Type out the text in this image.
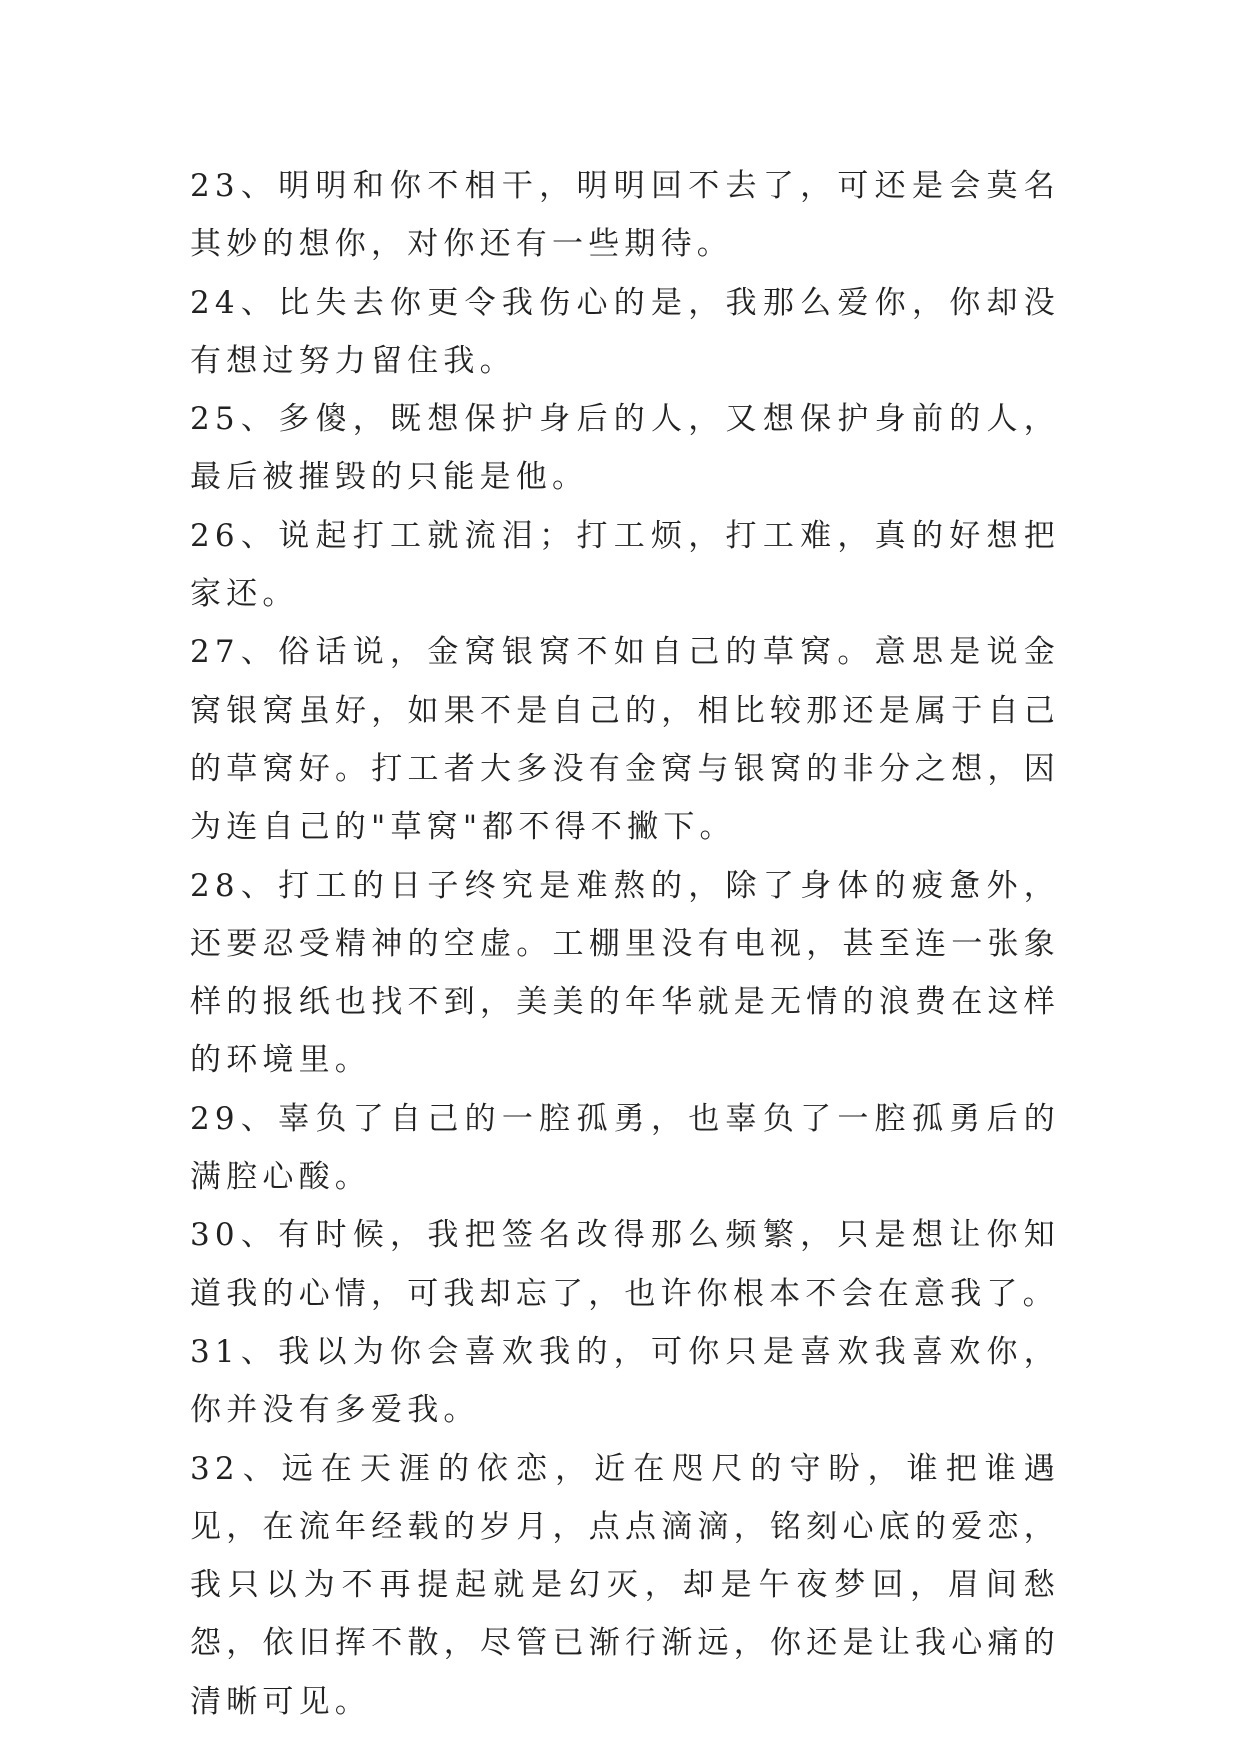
23、明明和你不相干，明明回不去了，可还是会莫名其妙的想你，对你还有一些期待。

24、比失去你更令我伤心的是，我那么爱你，你却没有想过努力留住我。

25、多傻，既想保护身后的人，又想保护身前的人，最后被摧毁的只能是他。

26、说起打工就流泪；打工烦，打工难，真的好想把家还。

27、俗话说，金窝银窝不如自己的草窝。意思是说金窝银窝虽好，如果不是自己的，相比较那还是属于自己的草窝好。打工者大多没有金窝与银窝的非分之想，因为连自己的"草窝"都不得不撇下。

28、打工的日子终究是难熬的，除了身体的疲惫外，还要忍受精神的空虚。工棚里没有电视，甚至连一张象样的报纸也找不到，美美的年华就是无情的浪费在这样的环境里。

29、辜负了自己的一腔孤勇，也辜负了一腔孤勇后的满腔心酸。

30、有时候，我把签名改得那么频繁，只是想让你知道我的心情，可我却忘了，也许你根本不会在意我了。

31、我以为你会喜欢我的，可你只是喜欢我喜欢你，你并没有多爱我。

32、远在天涯的依恋，近在咫尺的守盼，谁把谁遇见，在流年经载的岁月，点点滴滴，铭刻心底的爱恋，我只以为不再提起就是幻灭，却是午夜梦回，眉间愁怨，依旧挥不散，尽管已渐行渐远，你还是让我心痛的清晰可见。
